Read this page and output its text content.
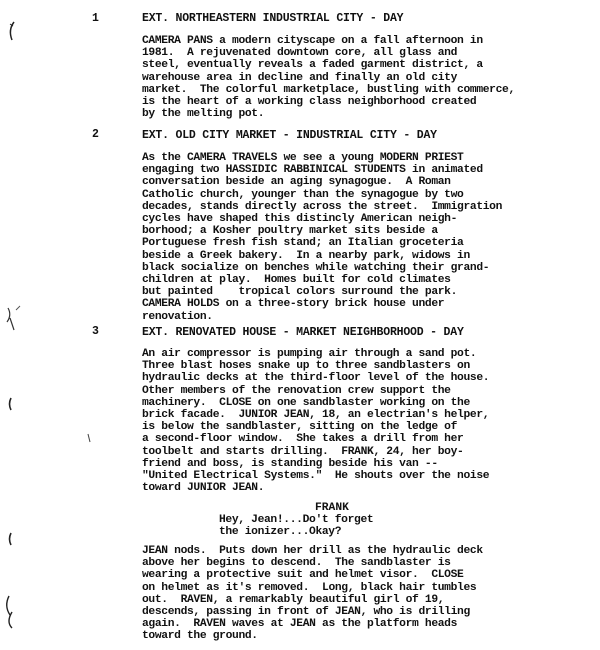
1	EXT. NORTHEASTERN INDUSTRIAL CITY - DAY
CAMERA PANS a modern cityscape on a fall afternoon in
1981.  A rejuvenated downtown core, all glass and
steel, eventually reveals a faded garment district, a
warehouse area in decline and finally an old city
market.  The colorful marketplace, bustling with commerce,
is the heart of a working class neighborhood created
by the melting pot.
2	EXT. OLD CITY MARKET - INDUSTRIAL CITY - DAY
As the CAMERA TRAVELS we see a young MODERN PRIEST
engaging two HASSIDIC RABBINICAL STUDENTS in animated
conversation beside an aging synagogue.  A Roman
Catholic church, younger than the synagogue by two
decades, stands directly across the street.  Immigration
cycles have shaped this distincly American neigh-
borhood; a Kosher poultry market sits beside a
Portuguese fresh fish stand; an Italian groceteria
beside a Greek bakery.  In a nearby park, widows in
black socialize on benches while watching their grand-
children at play.  Homes built for cold climates
but painted    tropical colors surround the park.
CAMERA HOLDS on a three-story brick house under
renovation.
3	EXT. RENOVATED HOUSE - MARKET NEIGHBORHOOD - DAY
An air compressor is pumping air through a sand pot.
Three blast hoses snake up to three sandblasters on
hydraulic decks at the third-floor level of the house.
Other members of the renovation crew support the
machinery.  CLOSE on one sandblaster working on the
brick facade.  JUNIOR JEAN, 18, an electrian's helper,
is below the sandblaster, sitting on the ledge of
a second-floor window.  She takes a drill from her
toolbelt and starts drilling.  FRANK, 24, her boy-
friend and boss, is standing beside his van --
"United Electrical Systems."  He shouts over the noise
toward JUNIOR JEAN.
FRANK
Hey, Jean!...Do't forget
the ionizer...Okay?
JEAN nods.  Puts down her drill as the hydraulic deck
above her begins to descend.  The sandblaster is
wearing a protective suit and helmet visor.  CLOSE
on helmet as it's removed.  Long, black hair tumbles
out.  RAVEN, a remarkably beautiful girl of 19,
descends, passing in front of JEAN, who is drilling
again.  RAVEN waves at JEAN as the platform heads
toward the ground.
